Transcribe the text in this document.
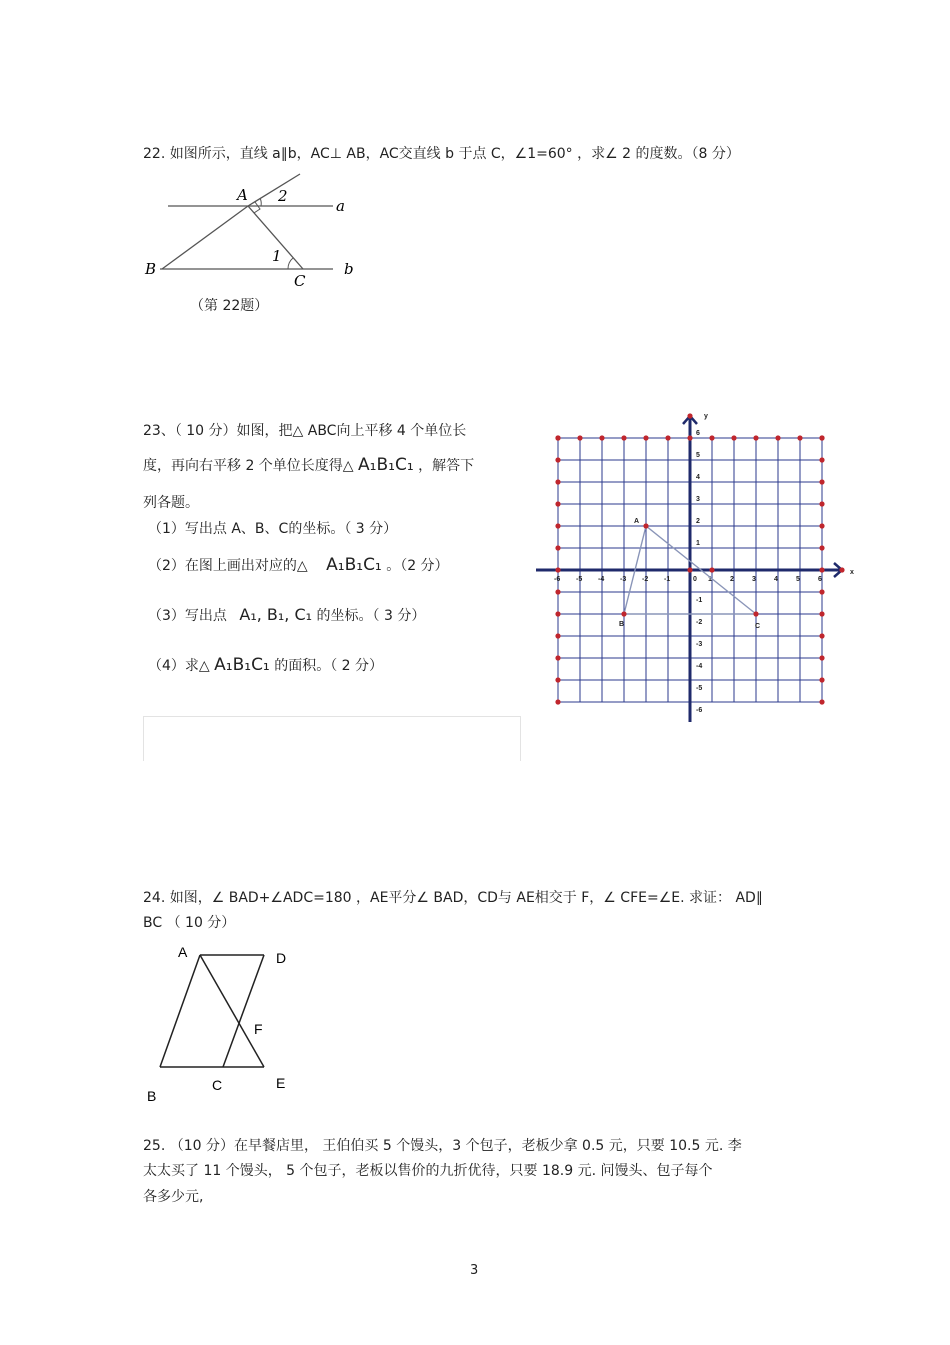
22. 如图所示，直线 a∥b，AC⊥ AB，AC交直线 b 于点 C，∠1=60° ，求∠ 2 的度数。（8 分）
A 2
a
B
1
C
b
（第 22题）
23、（ 10 分）如图，把△ ABC向上平移 4 个单位长
度，再向右平移 2 个单位长度得△ A₁B₁C₁ ，解答下
列各题。
（1）写出点 A、B、C的坐标。（ 3 分）
（2）在图上画出对应的△ A₁B₁C₁ 。（2 分）
（3）写出点 A₁, B₁, C₁ 的坐标。（ 3 分）
（4）求△ A₁B₁C₁ 的面积。（ 2 分）
-6 -5 -4 -3 -2 -1	0 1	2	3	4	5	6
6
5
4
3
2
1
-1
-2
-3
-4
-5
-6
x
y
A
B	C
24. 如图，∠ BAD+∠ADC=180 ，AE平分∠ BAD，CD与 AE相交于 F，∠ CFE=∠E. 求证： AD∥
BC （ 10 分）
A	D
F
C	E
B
25. （10 分）在早餐店里， 王伯伯买 5 个馒头，3 个包子，老板少拿 0.5 元，只要 10.5 元. 李
太太买了 11 个馒头， 5 个包子，老板以售价的九折优待，只要 18.9 元. 问馒头、包子每个
各多少元,
3
